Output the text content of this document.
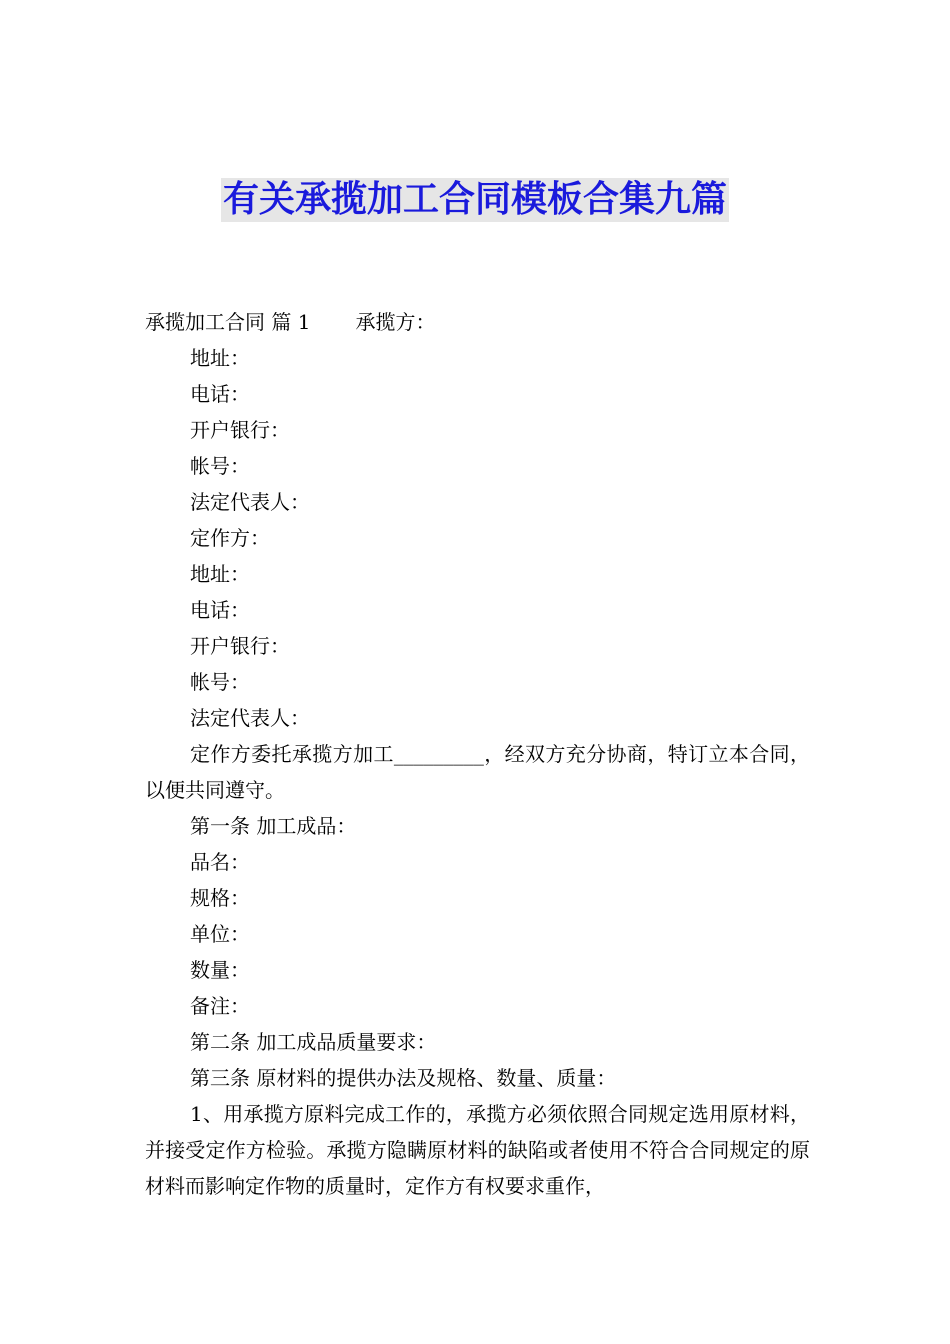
有关承揽加工合同模板合集九篇
承揽加工合同 篇 1 承揽方：
地址：
电话：
开户银行：
帐号：
法定代表人：
定作方：
地址：
电话：
开户银行：
帐号：
法定代表人：

定作方委托承揽方加工_________，经双方充分协商，特订立本合同，以便共同遵守。

第一条 加工成品：
品名：
规格：
单位：
数量：
备注：
第二条 加工成品质量要求：
第三条 原材料的提供办法及规格、数量、质量：

1、用承揽方原料完成工作的，承揽方必须依照合同规定选用原材料，并接受定作方检验。承揽方隐瞒原材料的缺陷或者使用不符合合同规定的原材料而影响定作物的质量时，定作方有权要求重作，
